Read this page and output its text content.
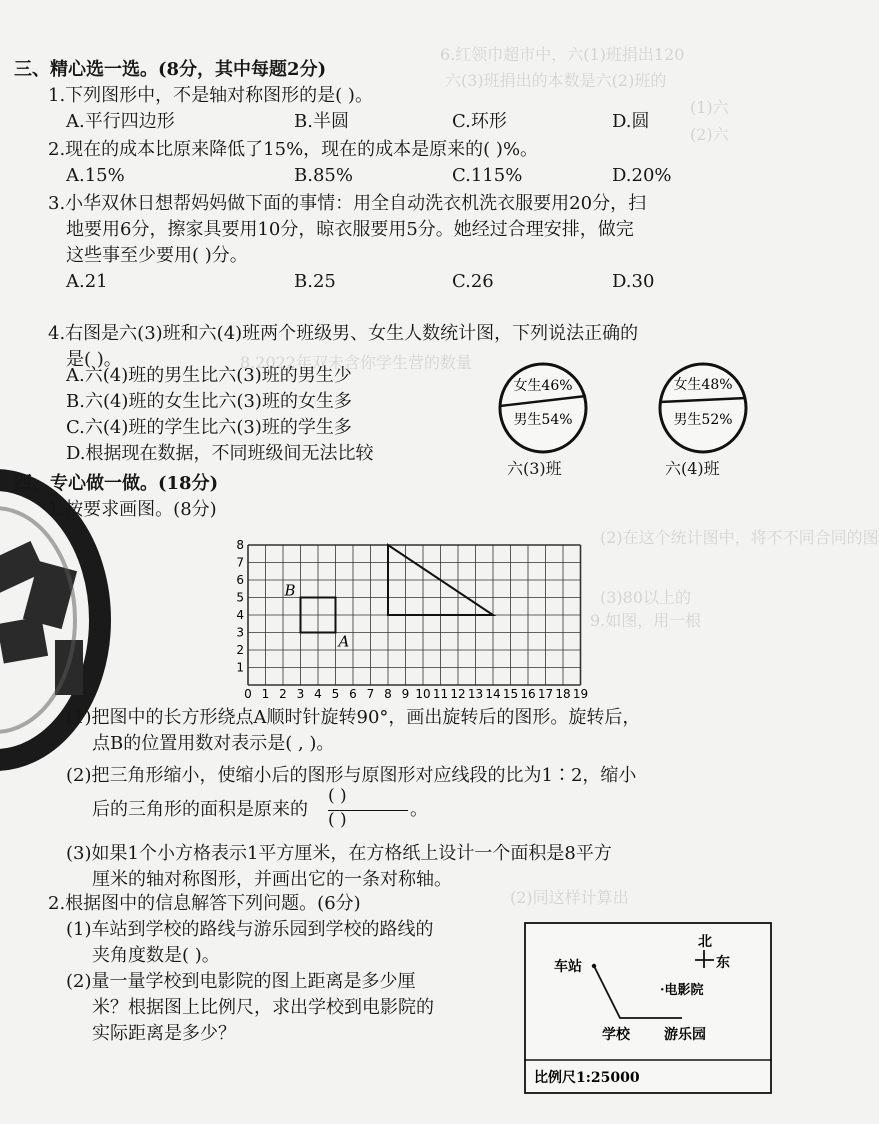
6.红领巾超市中，六(1)班捐出120
六(3)班捐出的本数是六(2)班的
(1)六
(2)六
8.2022年双未含你学生营的数量
(2)在这个统计图中，将不不同合同的图
(3)80以上的
9.如图，用一根
(2)同这样计算出
三、精心选一选。(8分，其中每题2分)
1.下列图形中，不是轴对称图形的是( )。
A.平行四边形	B.半圆	C.环形	D.圆
2.现在的成本比原来降低了15%，现在的成本是原来的( )%。
A.15%	B.85%	C.115%	D.20%
3.小华双休日想帮妈妈做下面的事情：用全自动洗衣机洗衣服要用20分，扫
地要用6分，擦家具要用10分，晾衣服要用5分。她经过合理安排，做完
这些事至少要用( )分。
A.21	B.25	C.26	D.30
4.右图是六(3)班和六(4)班两个班级男、女生人数统计图，下列说法正确的
是( )。
A.六(4)班的男生比六(3)班的男生少
B.六(4)班的女生比六(3)班的女生多
C.六(4)班的学生比六(3)班的学生多
D.根据现在数据，不同班级间无法比较
女生46%
男生54%
六(3)班
女生48%
男生52%
六(4)班
四、专心做一做。(18分)
1.按要求画图。(8分)
0 1 2 3 4 5 6 7 8 9 10 11 12 13 14 15 16 17 18 19
1
2
3
4
5
6
7
8
A
B
(1)把图中的长方形绕点A顺时针旋转90°，画出旋转后的图形。旋转后，
点B的位置用数对表示是( , )。
(2)把三角形缩小，使缩小后的图形与原图形对应线段的比为1∶2，缩小
后的三角形的面积是原来的
( )
( )	。
(3)如果1个小方格表示1平方厘米，在方格纸上设计一个面积是8平方
厘米的轴对称图形，并画出它的一条对称轴。
2.根据图中的信息解答下列问题。(6分)
(1)车站到学校的路线与游乐园到学校的路线的
夹角度数是( )。
(2)量一量学校到电影院的图上距离是多少厘
米？根据图上比例尺，求出学校到电影院的
实际距离是多少？
北
东
车站
·电影院
学校 游乐园
比例尺1:25000
